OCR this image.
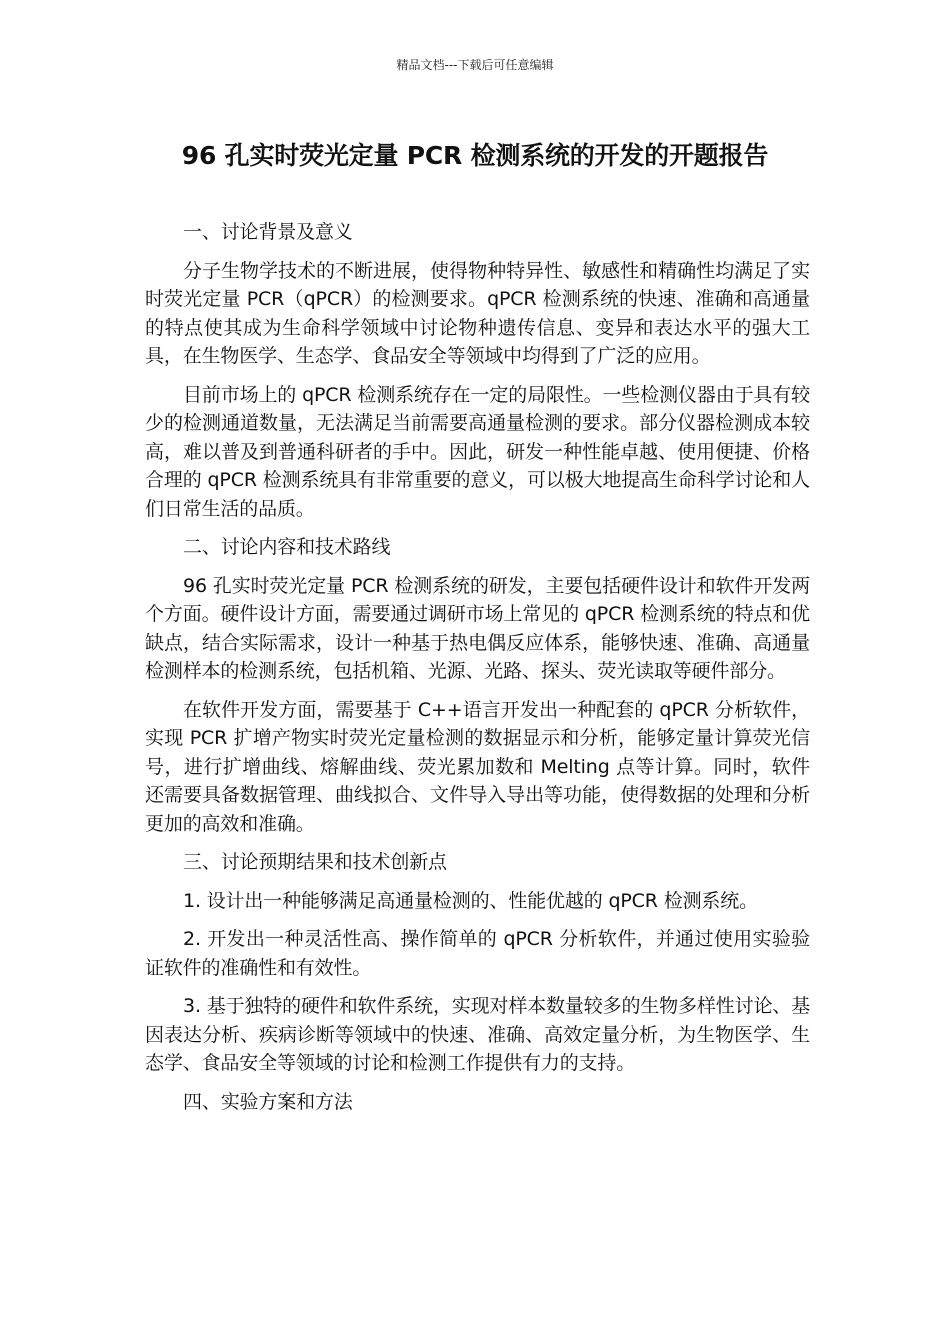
精品文档---下载后可任意编辑
96 孔实时荧光定量 PCR 检测系统的开发的开题报告

一、讨论背景及意义

分子生物学技术的不断进展，使得物种特异性、敏感性和精确性均满足了实时荧光定量 PCR（qPCR）的检测要求。qPCR 检测系统的快速、准确和高通量的特点使其成为生命科学领域中讨论物种遗传信息、变异和表达水平的强大工具，在生物医学、生态学、食品安全等领域中均得到了广泛的应用。

目前市场上的 qPCR 检测系统存在一定的局限性。一些检测仪器由于具有较少的检测通道数量，无法满足当前需要高通量检测的要求。部分仪器检测成本较高，难以普及到普通科研者的手中。因此，研发一种性能卓越、使用便捷、价格合理的 qPCR 检测系统具有非常重要的意义，可以极大地提高生命科学讨论和人们日常生活的品质。

二、讨论内容和技术路线

96 孔实时荧光定量 PCR 检测系统的研发，主要包括硬件设计和软件开发两个方面。硬件设计方面，需要通过调研市场上常见的 qPCR 检测系统的特点和优缺点，结合实际需求，设计一种基于热电偶反应体系，能够快速、准确、高通量检测样本的检测系统，包括机箱、光源、光路、探头、荧光读取等硬件部分。

在软件开发方面，需要基于 C++语言开发出一种配套的 qPCR 分析软件，实现 PCR 扩增产物实时荧光定量检测的数据显示和分析，能够定量计算荧光信号，进行扩增曲线、熔解曲线、荧光累加数和 Melting 点等计算。同时，软件还需要具备数据管理、曲线拟合、文件导入导出等功能，使得数据的处理和分析更加的高效和准确。

三、讨论预期结果和技术创新点

1. 设计出一种能够满足高通量检测的、性能优越的 qPCR 检测系统。

2. 开发出一种灵活性高、操作简单的 qPCR 分析软件，并通过使用实验验证软件的准确性和有效性。

3. 基于独特的硬件和软件系统，实现对样本数量较多的生物多样性讨论、基因表达分析、疾病诊断等领域中的快速、准确、高效定量分析，为生物医学、生态学、食品安全等领域的讨论和检测工作提供有力的支持。

四、实验方案和方法
